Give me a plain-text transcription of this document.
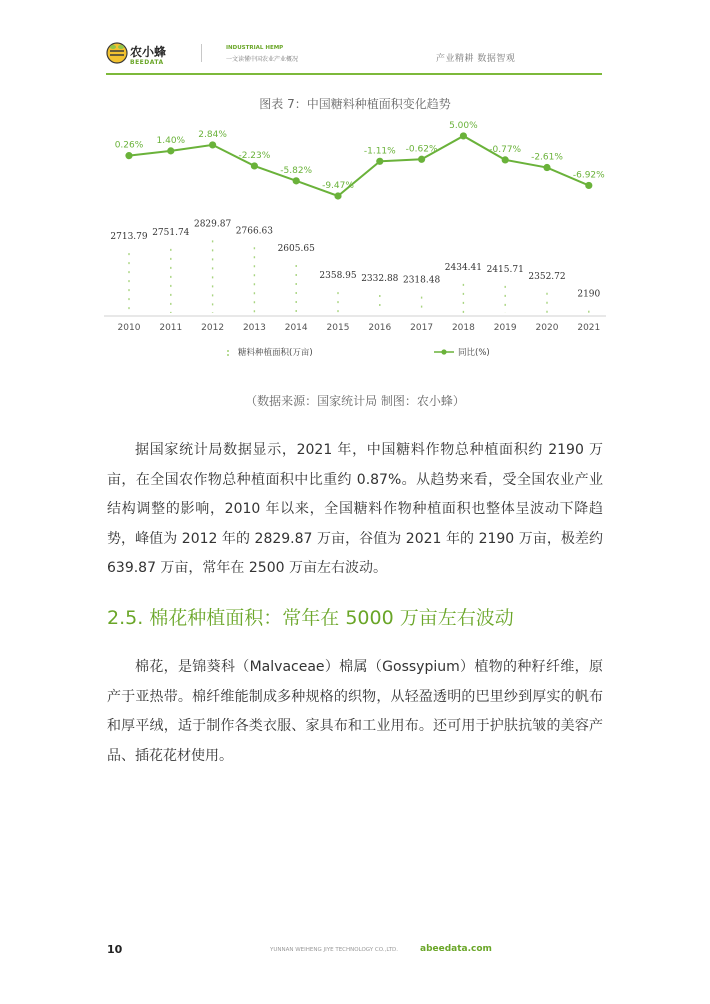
农小蜂
BEEDATA
INDUSTRIAL HEMP
一文读懂中国农业产业概况	产业精耕 数据智观
图表 7：中国糖料种植面积变化趋势
2713.79
2010
2751.74
2011
2829.87
2012
2766.63
2013
2605.65
2014
2358.95
2015
2332.88
2016
2318.48
2017
2434.41
2018
2415.71
2019
2352.72
2020
2190
2021
0.26% 1.40%
2.84%
-2.23%
-5.82%
-9.47%
-1.11% -0.62%
5.00%
-0.77%
-2.61%
-6.92%
糖料种植面积(万亩)	同比(%)
（数据来源：国家统计局 制图：农小蜂）
据国家统计局数据显示，2021 年，中国糖料作物总种植面积约 2190 万亩，在全国农作物总种植面积中比重约 0.87%。从趋势来看，受全国农业产业结构调整的影响，2010 年以来，全国糖料作物种植面积也整体呈波动下降趋势，峰值为 2012 年的 2829.87 万亩，谷值为 2021 年的 2190 万亩，极差约 639.87 万亩，常年在 2500 万亩左右波动。
2.5. 棉花种植面积：常年在 5000 万亩左右波动
棉花，是锦葵科（Malvaceae）棉属（Gossypium）植物的种籽纤维，原产于亚热带。棉纤维能制成多种规格的织物，从轻盈透明的巴里纱到厚实的帆布和厚平绒，适于制作各类衣服、家具布和工业用布。还可用于护肤抗皱的美容产品、插花花材使用。
10	YUNNAN WEIHENG JIYE TECHNOLOGY CO.,LTD. abeedata.com
